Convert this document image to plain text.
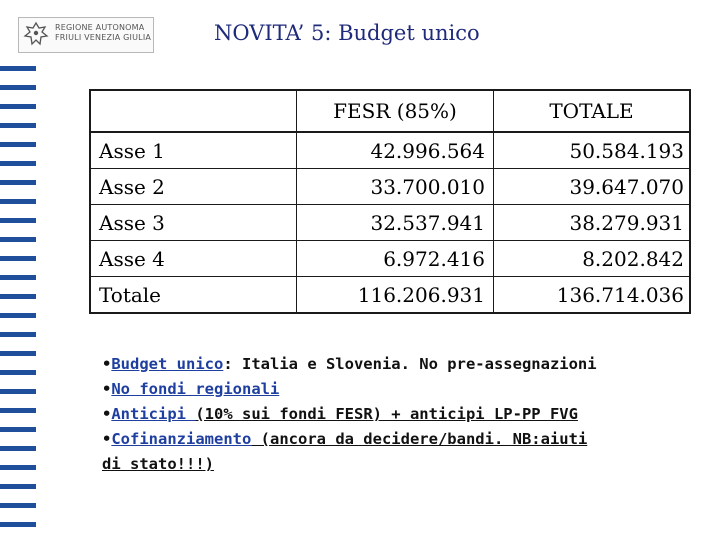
REGIONE AUTONOMA
FRIULI VENEZIA GIULIA	NOVITA’ 5: Budget unico
	FESR (85%)	TOTALE
Asse 1	42.996.564	50.584.193
Asse 2	33.700.010	39.647.070
Asse 3	32.537.941	38.279.931
Asse 4	6.972.416	8.202.842
Totale	116.206.931	136.714.036
•Budget unico: Italia e Slovenia. No pre-assegnazioni
•No fondi regionali
•Anticipi (10% sui fondi FESR) + anticipi LP-PP FVG
•Cofinanziamento (ancora da decidere/bandi. NB:aiuti
di stato!!!)
